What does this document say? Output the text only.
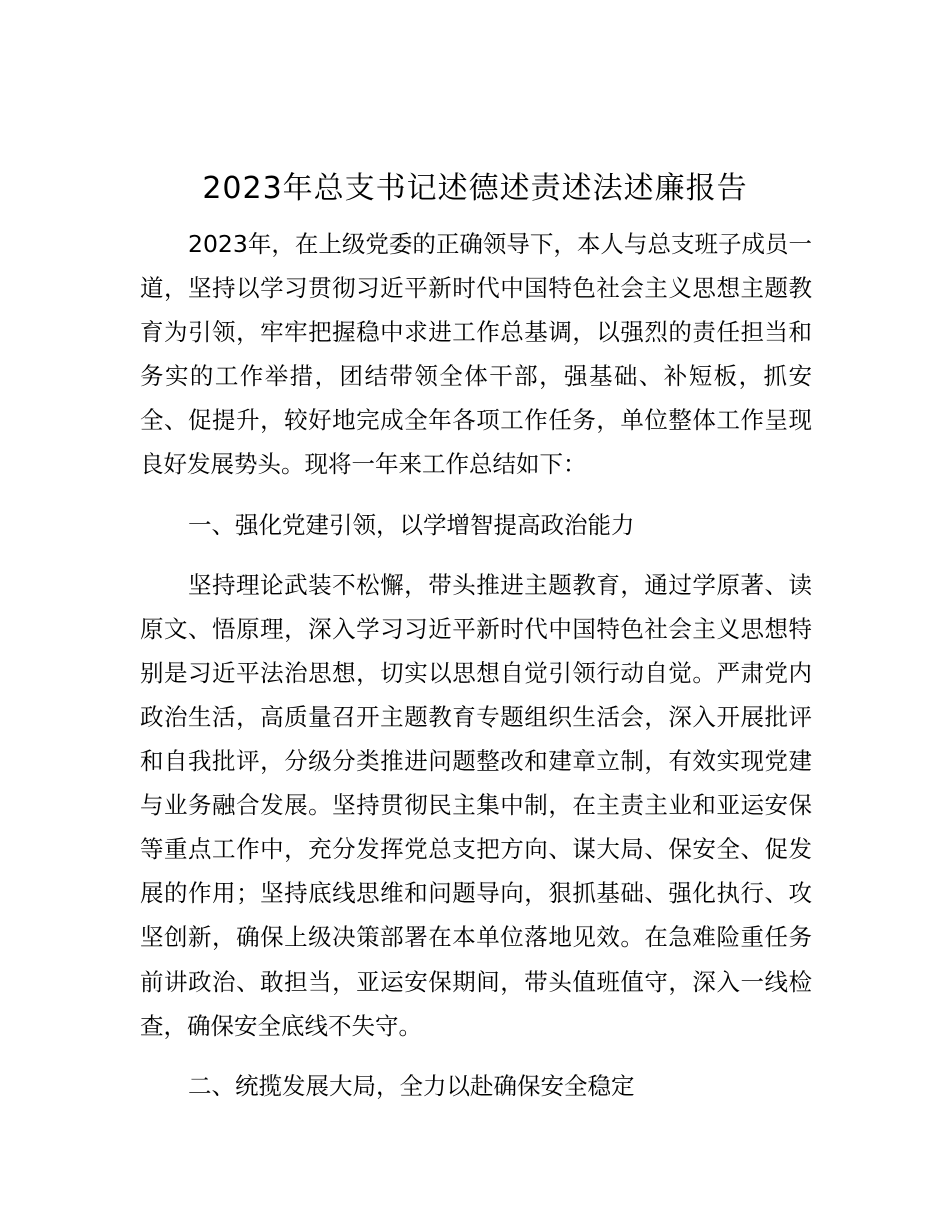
2023年总支书记述德述责述法述廉报告

2023年，在上级党委的正确领导下，本人与总支班子成员一道，坚持以学习贯彻习近平新时代中国特色社会主义思想主题教育为引领，牢牢把握稳中求进工作总基调，以强烈的责任担当和务实的工作举措，团结带领全体干部，强基础、补短板，抓安全、促提升，较好地完成全年各项工作任务，单位整体工作呈现良好发展势头。现将一年来工作总结如下：

一、强化党建引领，以学增智提高政治能力

坚持理论武装不松懈，带头推进主题教育，通过学原著、读原文、悟原理，深入学习习近平新时代中国特色社会主义思想特别是习近平法治思想，切实以思想自觉引领行动自觉。严肃党内政治生活，高质量召开主题教育专题组织生活会，深入开展批评和自我批评，分级分类推进问题整改和建章立制，有效实现党建与业务融合发展。坚持贯彻民主集中制，在主责主业和亚运安保等重点工作中，充分发挥党总支把方向、谋大局、保安全、促发展的作用；坚持底线思维和问题导向，狠抓基础、强化执行、攻坚创新，确保上级决策部署在本单位落地见效。在急难险重任务前讲政治、敢担当，亚运安保期间，带头值班值守，深入一线检查，确保安全底线不失守。

二、统揽发展大局，全力以赴确保安全稳定
